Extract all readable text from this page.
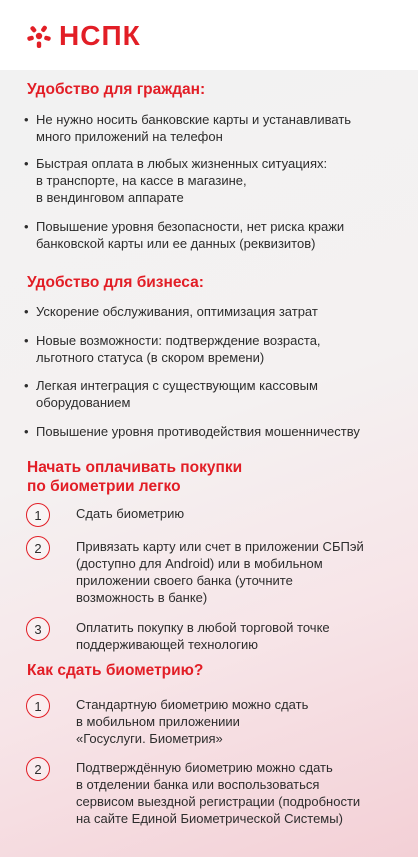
НСПК
Удобство для граждан:
• Не нужно носить банковские карты и устанавливать
много приложений на телефон
• Быстрая оплата в любых жизненных ситуациях:
в транспорте, на кассе в магазине,
в вендинговом аппарате
• Повышение уровня безопасности, нет риска кражи
банковской карты или ее данных (реквизитов)
Удобство для бизнеса:
• Ускорение обслуживания, оптимизация затрат
• Новые возможности: подтверждение возраста,
льготного статуса (в скором времени)
• Легкая интеграция с существующим кассовым
оборудованием
• Повышение уровня противодействия мошенничеству
Начать оплачивать покупки
по биометрии легко
1	Сдать биометрию
2	Привязать карту или счет в приложении СБПэй
(доступно для Android) или в мобильном
приложении своего банка (уточните
возможность в банке)
3	Оплатить покупку в любой торговой точке
поддерживающей технологию
Как сдать биометрию?
1	Стандартную биометрию можно сдать
в мобильном приложениии
«Госуслуги. Биометрия»
2	Подтверждённую биометрию можно сдать
в отделении банка или воспользоваться
сервисом выездной регистрации (подробности
на сайте Единой Биометрической Системы)
